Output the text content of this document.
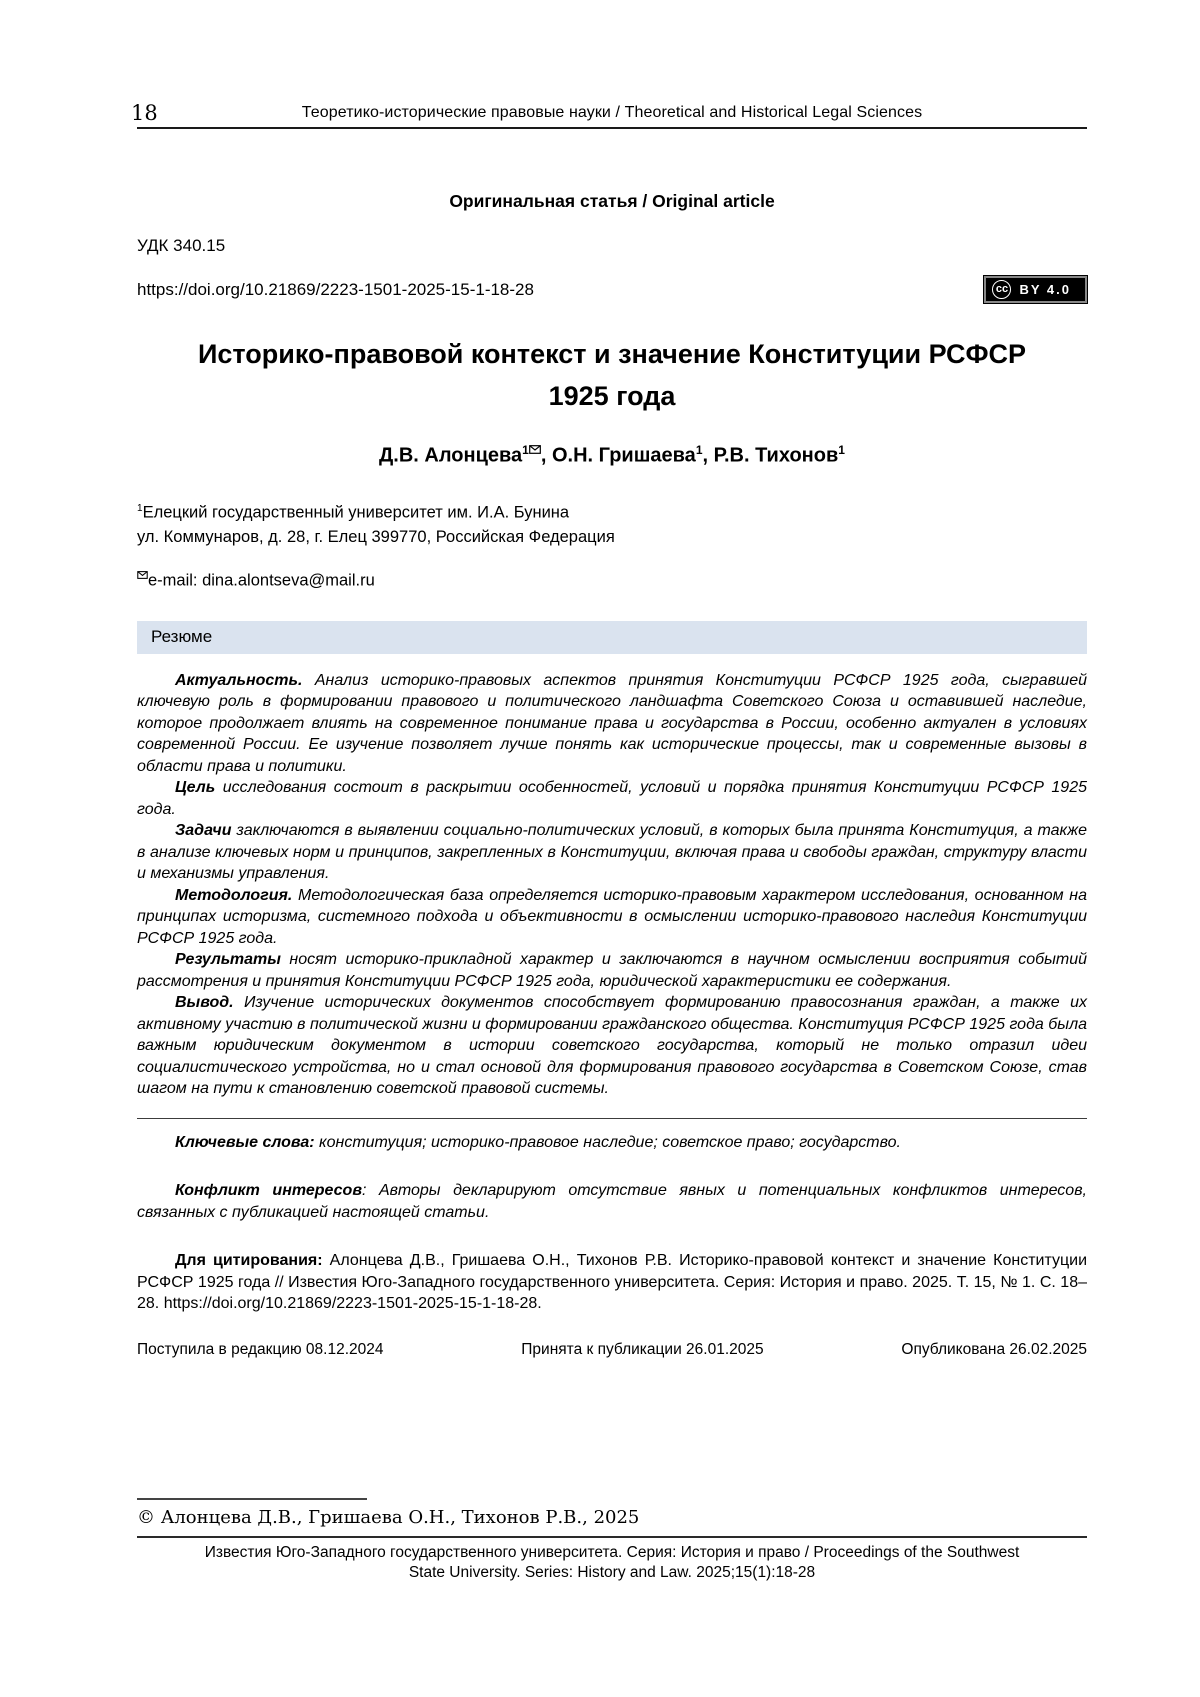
18	Теоретико-исторические правовые науки / Theoretical and Historical Legal Sciences
Оригинальная статья / Original article
УДК 340.15
https://doi.org/10.21869/2223-1501-2025-15-1-18-28	cc BY 4.0
Историко-правовой контекст и значение Конституции РСФСР
1925 года
Д.В. Алонцева$^1$ , О.Н. Гришаева$^1$, Р.В. Тихонов$^1$
$^1$Елецкий государственный университет им. И.А. Бунина
ул. Коммунаров, д. 28, г. Елец 399770, Российская Федерация
e-mail: dina.alontseva@mail.ru
Резюме

Актуальность. Анализ историко-правовых аспектов принятия Конституции РСФСР 1925 года, сыгравшей ключевую роль в формировании правового и политического ландшафта Советского Союза и оставившей наследие, которое продолжает влиять на современное понимание права и государства в России, особенно актуален в условиях современной России. Ее изучение позволяет лучше понять как исторические процессы, так и современные вызовы в области права и политики.

Цель исследования состоит в раскрытии особенностей, условий и порядка принятия Конституции РСФСР 1925 года.

Задачи заключаются в выявлении социально-политических условий, в которых была принята Конституция, а также в анализе ключевых норм и принципов, закрепленных в Конституции, включая права и свободы граждан, структуру власти и механизмы управления.

Методология. Методологическая база определяется историко-правовым характером исследования, основанном на принципах историзма, системного подхода и объективности в осмыслении историко-правового наследия Конституции РСФСР 1925 года.

Результаты носят историко-прикладной характер и заключаются в научном осмыслении восприятия событий рассмотрения и принятия Конституции РСФСР 1925 года, юридической характеристики ее содержания.

Вывод. Изучение исторических документов способствует формированию правосознания граждан, а также их активному участию в политической жизни и формировании гражданского общества. Конституция РСФСР 1925 года была важным юридическим документом в истории советского государства, который не только отразил идеи социалистического устройства, но и стал основой для формирования правового государства в Советском Союзе, став шагом на пути к становлению советской правовой системы.

Ключевые слова: конституция; историко-правовое наследие; советское право; государство.

Конфликт интересов: Авторы декларируют отсутствие явных и потенциальных конфликтов интересов, связанных с публикацией настоящей статьи.

Для цитирования: Алонцева Д.В., Гришаева О.Н., Тихонов Р.В. Историко-правовой контекст и значение Конституции РСФСР 1925 года // Известия Юго-Западного государственного университета. Серия: История и право. 2025. Т. 15, № 1. С. 18–28. https://doi.org/10.21869/2223-1501-2025-15-1-18-28.

Поступила в редакцию 08.12.2024	Принята к публикации 26.01.2025	Опубликована 26.02.2025
© Алонцева Д.В., Гришаева О.Н., Тихонов Р.В., 2025
Известия Юго-Западного государственного университета. Серия: История и право / Proceedings of the Southwest
State University. Series: History and Law. 2025;15(1):18-28
